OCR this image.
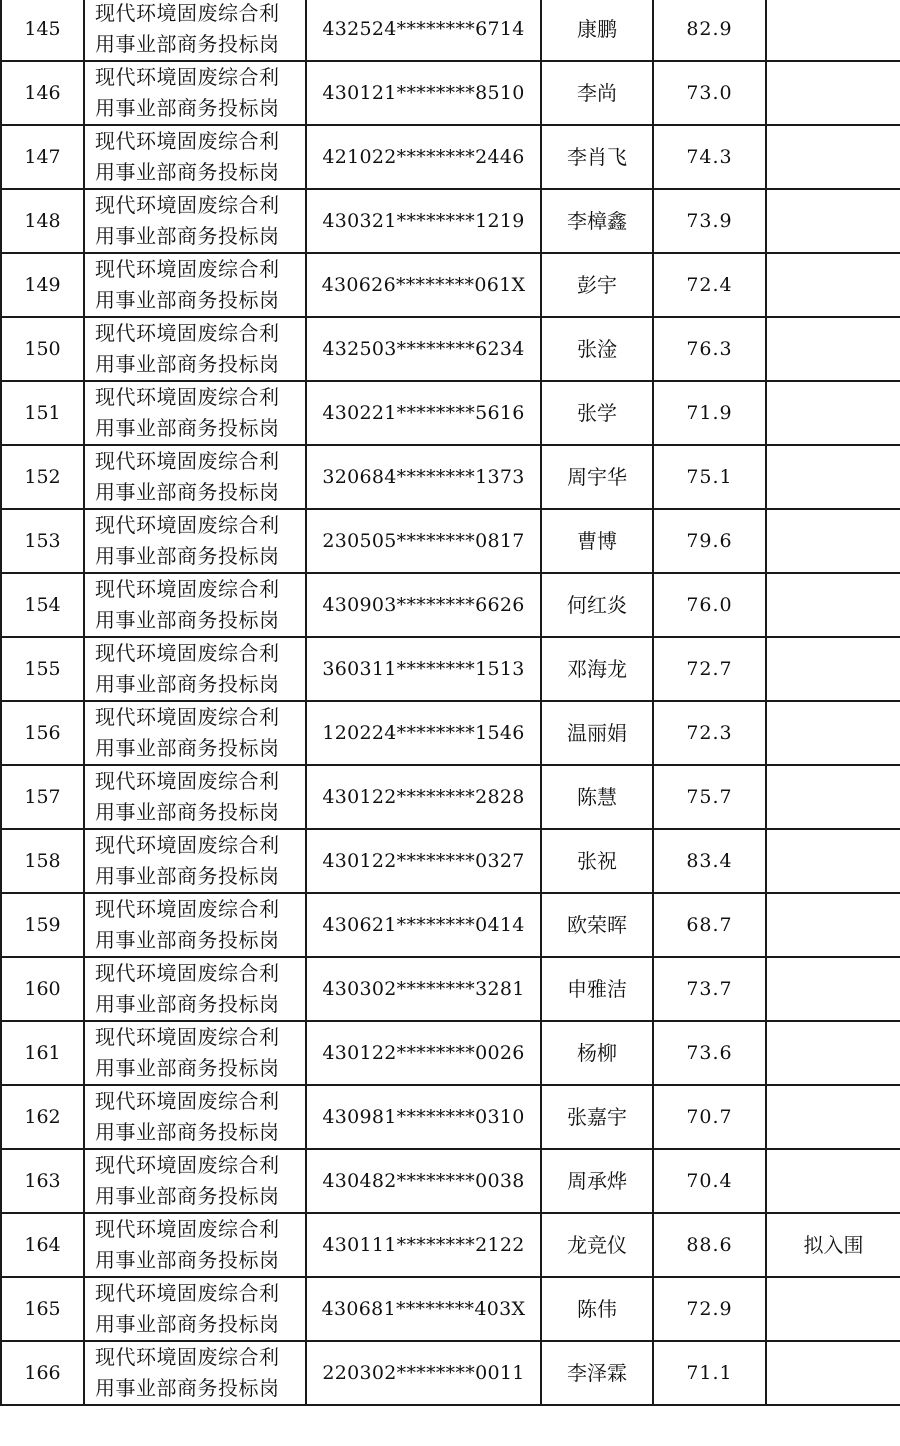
145	现代环境固废综合利用事业部商务投标岗	432524********6714	康鹏	82.9	
146	现代环境固废综合利用事业部商务投标岗	430121********8510	李尚	73.0	
147	现代环境固废综合利用事业部商务投标岗	421022********2446	李肖飞	74.3	
148	现代环境固废综合利用事业部商务投标岗	430321********1219	李樟鑫	73.9	
149	现代环境固废综合利用事业部商务投标岗	430626********061X	彭宇	72.4	
150	现代环境固废综合利用事业部商务投标岗	432503********6234	张淦	76.3	
151	现代环境固废综合利用事业部商务投标岗	430221********5616	张学	71.9	
152	现代环境固废综合利用事业部商务投标岗	320684********1373	周宇华	75.1	
153	现代环境固废综合利用事业部商务投标岗	230505********0817	曹博	79.6	
154	现代环境固废综合利用事业部商务投标岗	430903********6626	何红炎	76.0	
155	现代环境固废综合利用事业部商务投标岗	360311********1513	邓海龙	72.7	
156	现代环境固废综合利用事业部商务投标岗	120224********1546	温丽娟	72.3	
157	现代环境固废综合利用事业部商务投标岗	430122********2828	陈慧	75.7	
158	现代环境固废综合利用事业部商务投标岗	430122********0327	张祝	83.4	
159	现代环境固废综合利用事业部商务投标岗	430621********0414	欧荣晖	68.7	
160	现代环境固废综合利用事业部商务投标岗	430302********3281	申雅洁	73.7	
161	现代环境固废综合利用事业部商务投标岗	430122********0026	杨柳	73.6	
162	现代环境固废综合利用事业部商务投标岗	430981********0310	张嘉宇	70.7	
163	现代环境固废综合利用事业部商务投标岗	430482********0038	周承烨	70.4	
164	现代环境固废综合利用事业部商务投标岗	430111********2122	龙竞仪	88.6	拟入围
165	现代环境固废综合利用事业部商务投标岗	430681********403X	陈伟	72.9	
166	现代环境固废综合利用事业部商务投标岗	220302********0011	李泽霖	71.1	
